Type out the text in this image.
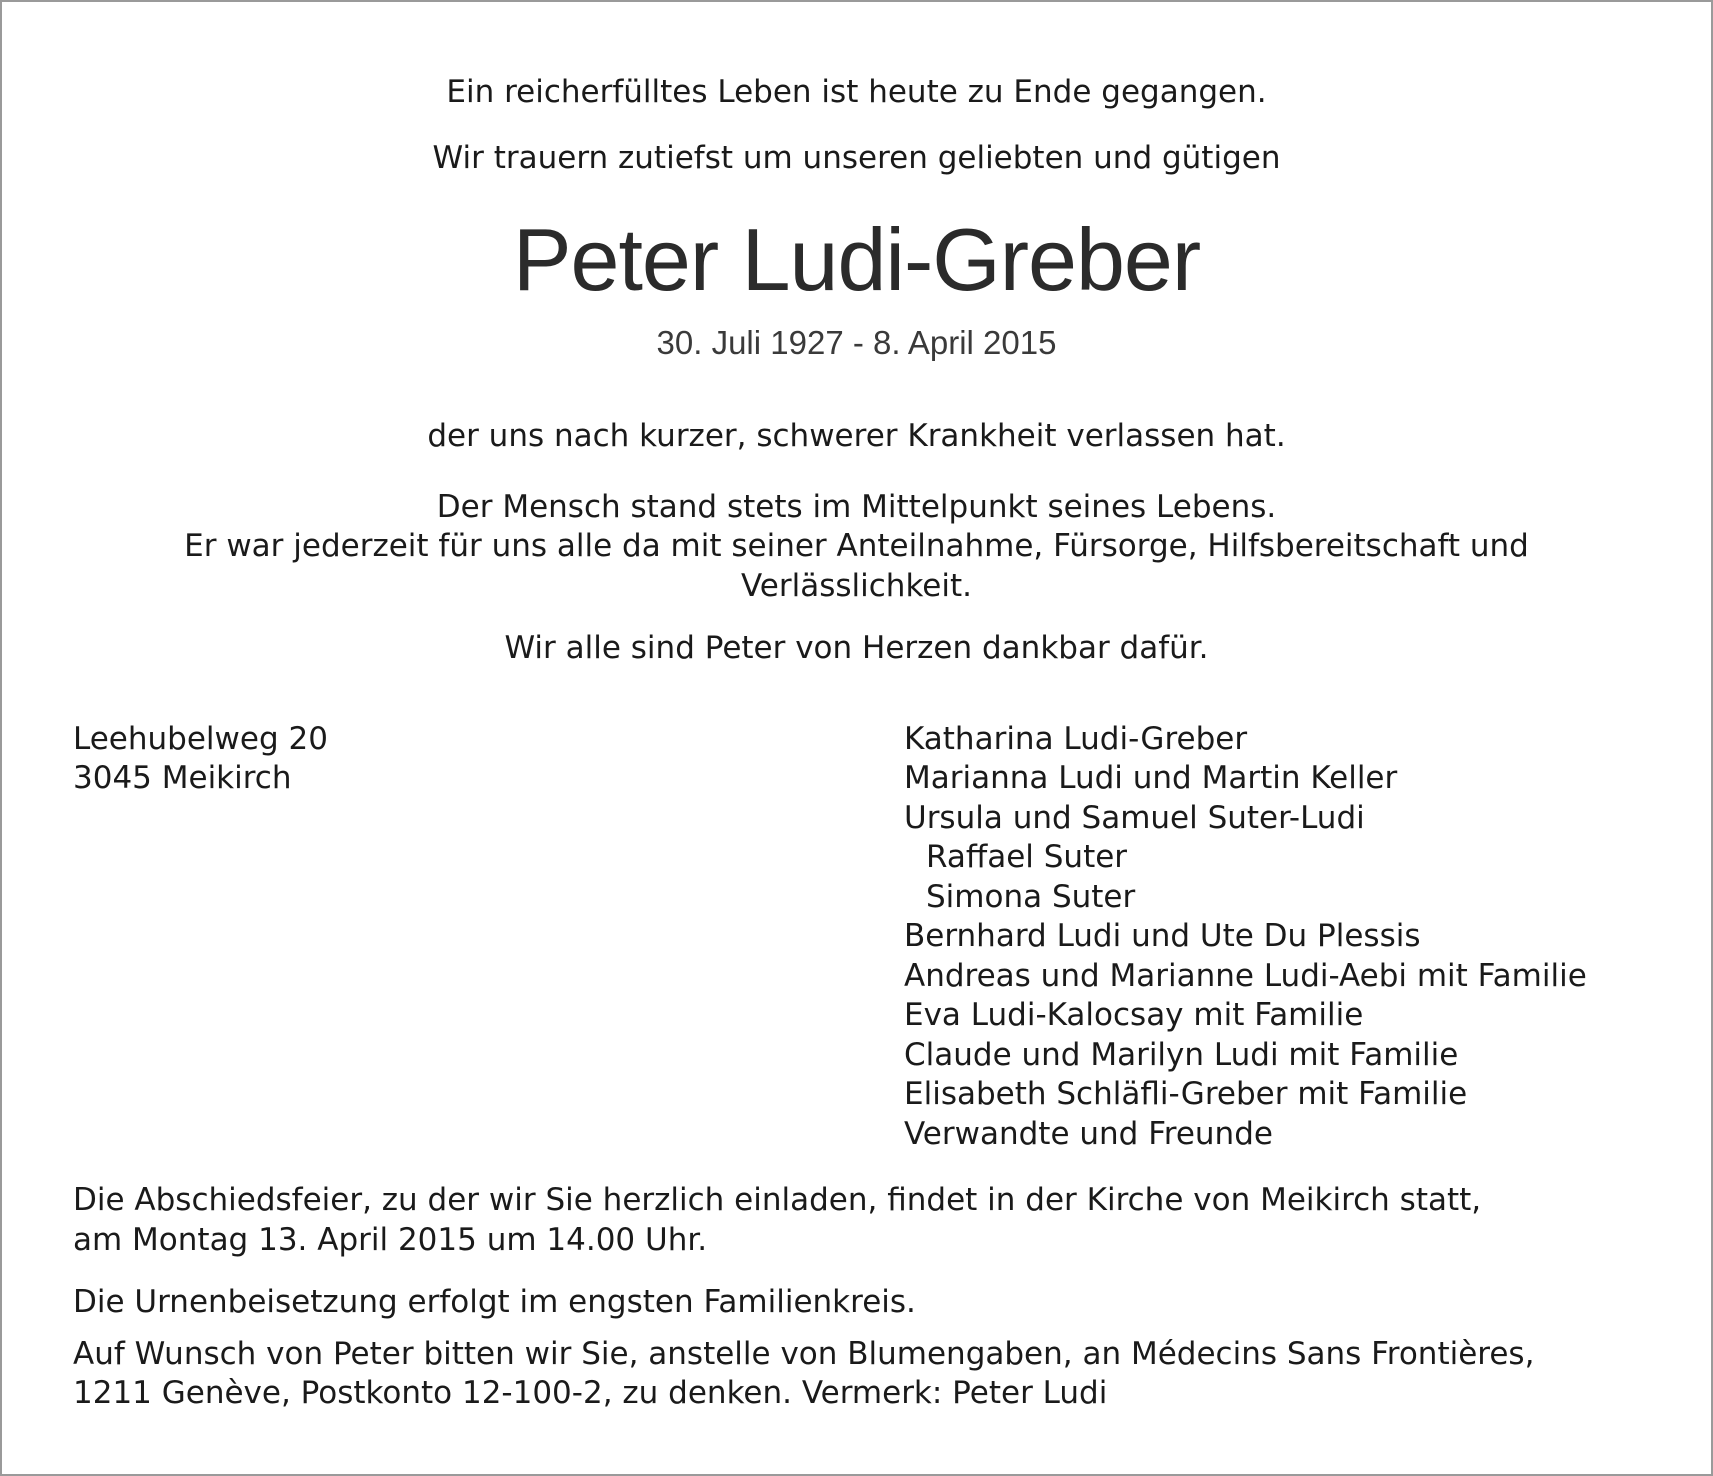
Ein reicherfülltes Leben ist heute zu Ende gegangen.
Wir trauern zutiefst um unseren geliebten und gütigen
Peter Ludi-Greber
30. Juli 1927 - 8. April 2015
der uns nach kurzer, schwerer Krankheit verlassen hat.
Der Mensch stand stets im Mittelpunkt seines Lebens.
Er war jederzeit für uns alle da mit seiner Anteilnahme, Fürsorge, Hilfsbereitschaft und
Verlässlichkeit.
Wir alle sind Peter von Herzen dankbar dafür.
Leehubelweg 20
3045 Meikirch
Katharina Ludi-Greber
Marianna Ludi und Martin Keller
Ursula und Samuel Suter-Ludi
Raffael Suter
Simona Suter
Bernhard Ludi und Ute Du Plessis
Andreas und Marianne Ludi-Aebi mit Familie
Eva Ludi-Kalocsay mit Familie
Claude und Marilyn Ludi mit Familie
Elisabeth Schläfli-Greber mit Familie
Verwandte und Freunde
Die Abschiedsfeier, zu der wir Sie herzlich einladen, findet in der Kirche von Meikirch statt,
am Montag 13. April 2015 um 14.00 Uhr.
Die Urnenbeisetzung erfolgt im engsten Familienkreis.
Auf Wunsch von Peter bitten wir Sie, anstelle von Blumengaben, an Médecins Sans Frontières,
1211 Genève, Postkonto 12-100-2, zu denken. Vermerk: Peter Ludi
